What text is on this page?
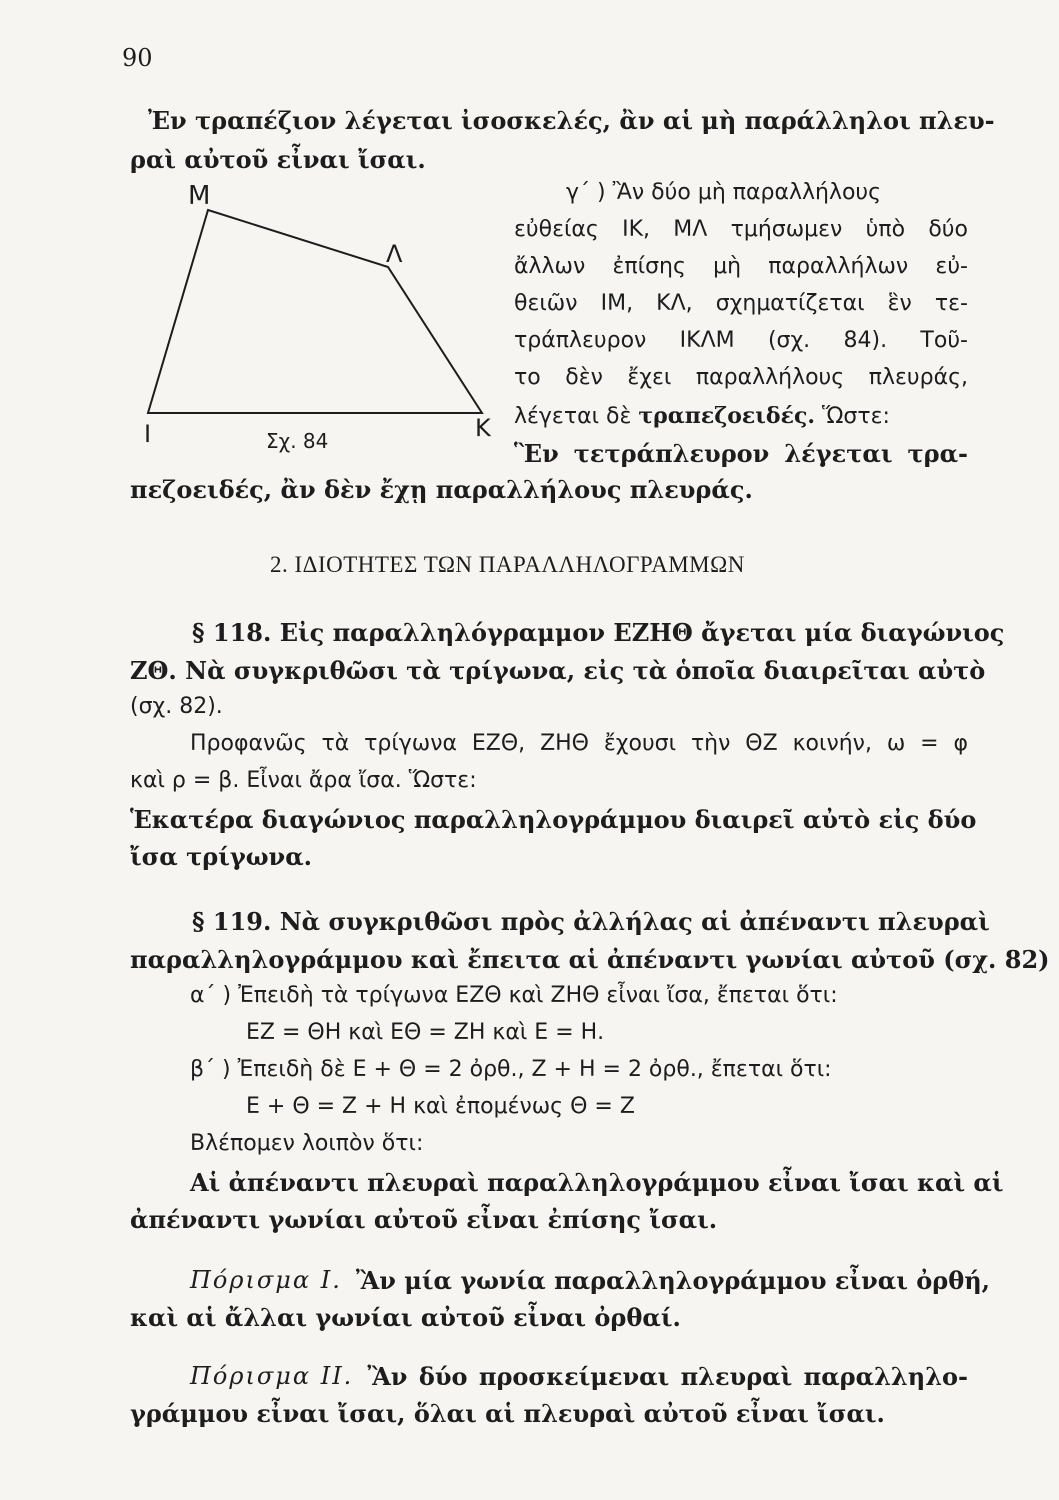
90
Ἐν τραπέζιον λέγεται ἰσοσκελές, ἂν αἱ μὴ παράλληλοι πλευ-
ραὶ αὐτοῦ εἶναι ἴσαι.
Μ
Λ
Ι	Κ
Σχ. 84
γ΄ ) Ἂν δύο μὴ παραλλήλους
εὐθείας ΙΚ, ΜΛ τμήσωμεν ὑπὸ δύο
ἄλλων ἐπίσης μὴ παραλλήλων εὐ-
θειῶν ΙΜ, ΚΛ, σχηματίζεται ἓν τε-
τράπλευρον ΙΚΛΜ (σχ. 84). Τοῦ-
το δὲν ἔχει παραλλήλους πλευράς,
λέγεται δὲ τραπεζοειδές. Ὥστε:
Ἓν τετράπλευρον λέγεται τρα-
πεζοειδές, ἂν δὲν ἔχῃ παραλλήλους πλευράς.
2. ΙΔΙΟΤΗΤΕΣ ΤΩΝ ΠΑΡΑΛΛΗΛΟΓΡΑΜΜΩΝ
§ 118. Εἰς παραλληλόγραμμον ΕΖΗΘ ἄγεται μία διαγώνιος
ΖΘ. Νὰ συγκριθῶσι τὰ τρίγωνα, εἰς τὰ ὁποῖα διαιρεῖται αὐτὸ
(σχ. 82).
Προφανῶς τὰ τρίγωνα ΕΖΘ, ΖΗΘ ἔχουσι τὴν ΘΖ κοινήν, ω = φ
καὶ ρ = β. Εἶναι ἄρα ἴσα. Ὥστε:
Ἑκατέρα διαγώνιος παραλληλογράμμου διαιρεῖ αὐτὸ εἰς δύο
ἴσα τρίγωνα.
§ 119. Νὰ συγκριθῶσι πρὸς ἀλλήλας αἱ ἀπέναντι πλευραὶ
παραλληλογράμμου καὶ ἔπειτα αἱ ἀπέναντι γωνίαι αὐτοῦ (σχ. 82)
α΄ ) Ἐπειδὴ τὰ τρίγωνα ΕΖΘ καὶ ΖΗΘ εἶναι ἴσα, ἔπεται ὅτι:
ΕΖ = ΘΗ καὶ ΕΘ = ΖΗ καὶ Ε = Η.
β΄ ) Ἐπειδὴ δὲ Ε + Θ = 2 ὀρθ., Ζ + Η = 2 ὀρθ., ἔπεται ὅτι:
Ε + Θ = Ζ + Η καὶ ἐπομένως Θ = Ζ
Βλέπομεν λοιπὸν ὅτι:
Αἱ ἀπέναντι πλευραὶ παραλληλογράμμου εἶναι ἴσαι καὶ αἱ
ἀπέναντι γωνίαι αὐτοῦ εἶναι ἐπίσης ἴσαι.
Πόρισμα Ι. Ἂν μία γωνία παραλληλογράμμου εἶναι ὀρθή,
καὶ αἱ ἄλλαι γωνίαι αὐτοῦ εἶναι ὀρθαί.
Πόρισμα ΙΙ. Ἂν δύο προσκείμεναι πλευραὶ παραλληλο-
γράμμου εἶναι ἴσαι, ὅλαι αἱ πλευραὶ αὐτοῦ εἶναι ἴσαι.
